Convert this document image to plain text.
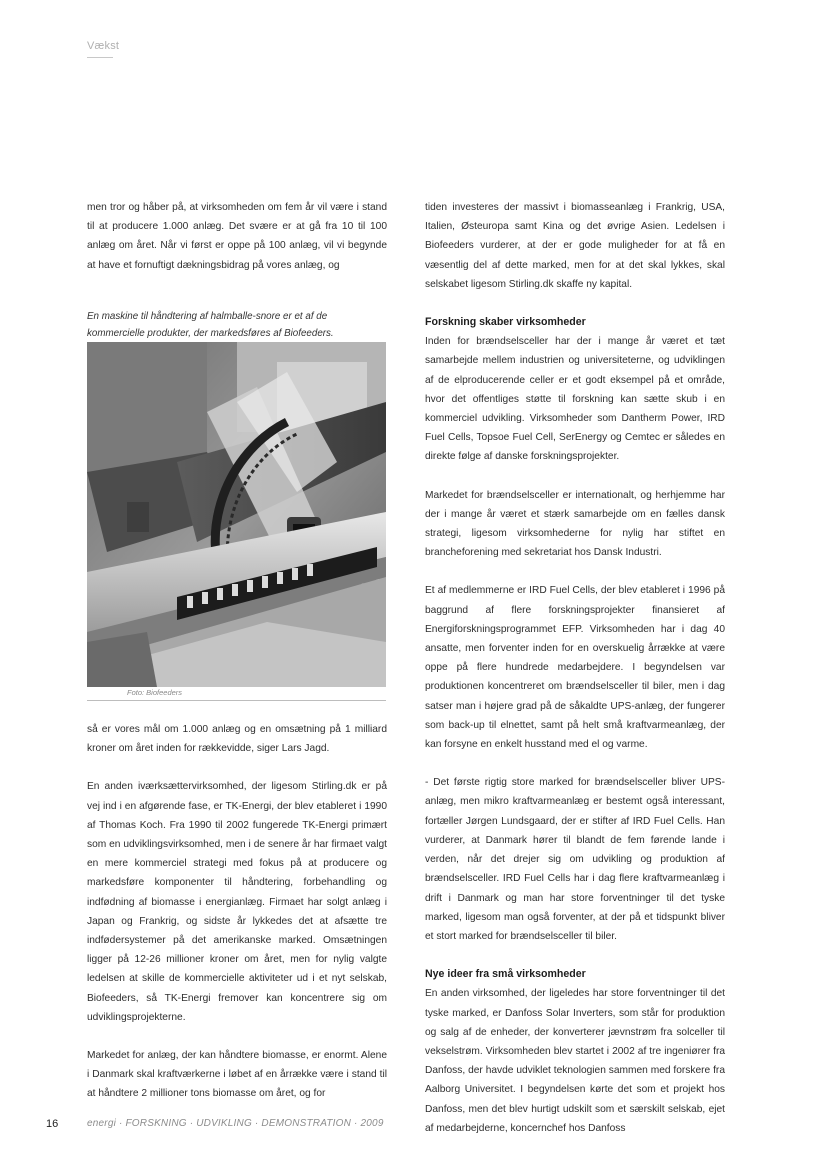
Vækst

men tror og håber på, at virksomheden om fem år vil være i stand til at producere 1.000 anlæg. Det svære er at gå fra 10 til 100 anlæg om året. Når vi først er oppe på 100 anlæg, vil vi begynde at have et fornuftigt dækningsbidrag på vores anlæg, og

En maskine til håndtering af halmballe-snore er et af de kommercielle produkter, der markedsføres af Biofeeders.
Foto: Biofeeders

så er vores mål om 1.000 anlæg og en omsætning på 1 milliard kroner om året inden for rækkevidde, siger Lars Jagd.

En anden iværksættervirksomhed, der ligesom Stirling.dk er på vej ind i en afgørende fase, er TK-Energi, der blev etableret i 1990 af Thomas Koch. Fra 1990 til 2002 fungerede TK-Energi primært som en udviklingsvirksomhed, men i de senere år har firmaet valgt en mere kommerciel strategi med fokus på at producere og markedsføre komponenter til håndtering, forbehandling og indfødning af biomasse i energianlæg. Firmaet har solgt anlæg i Japan og Frankrig, og sidste år lykkedes det at afsætte tre indfødersystemer på det amerikanske marked. Omsætningen ligger på 12-26 millioner kroner om året, men for nylig valgte ledelsen at skille de kommercielle aktiviteter ud i et nyt selskab, Biofeeders, så TK-Energi fremover kan koncentrere sig om udviklingsprojekterne.

Markedet for anlæg, der kan håndtere biomasse, er enormt. Alene i Danmark skal kraftværkerne i løbet af en årrække være i stand til at håndtere 2 millioner tons biomasse om året, og for

tiden investeres der massivt i biomasseanlæg i Frankrig, USA, Italien, Østeuropa samt Kina og det øvrige Asien. Ledelsen i Biofeeders vurderer, at der er gode muligheder for at få en væsentlig del af dette marked, men for at det skal lykkes, skal selskabet ligesom Stirling.dk skaffe ny kapital.

Forskning skaber virksomheder

Inden for brændselsceller har der i mange år været et tæt samarbejde mellem industrien og universiteterne, og udviklingen af de elproducerende celler er et godt eksempel på et område, hvor det offentliges støtte til forskning kan sætte skub i en kommerciel udvikling. Virksomheder som Dantherm Power, IRD Fuel Cells, Topsoe Fuel Cell, SerEnergy og Cemtec er således en direkte følge af danske forskningsprojekter.

Markedet for brændselsceller er internationalt, og herhjemme har der i mange år været et stærk samarbejde om en fælles dansk strategi, ligesom virksomhederne for nylig har stiftet en brancheforening med sekretariat hos Dansk Industri.

Et af medlemmerne er IRD Fuel Cells, der blev etableret i 1996 på baggrund af flere forskningsprojekter finansieret af Energiforskningsprogrammet EFP. Virksomheden har i dag 40 ansatte, men forventer inden for en overskuelig årrække at være oppe på flere hundrede medarbejdere. I begyndelsen var produktionen koncentreret om brændselsceller til biler, men i dag satser man i højere grad på de såkaldte UPS-anlæg, der fungerer som back-up til elnettet, samt på helt små kraftvarmeanlæg, der kan forsyne en enkelt husstand med el og varme.

- Det første rigtig store marked for brændselsceller bliver UPS-anlæg, men mikro kraftvarmeanlæg er bestemt også interessant, fortæller Jørgen Lundsgaard, der er stifter af IRD Fuel Cells. Han vurderer, at Danmark hører til blandt de fem førende lande i verden, når det drejer sig om udvikling og produktion af brændselsceller. IRD Fuel Cells har i dag flere kraftvarmeanlæg i drift i Danmark og man har store forventninger til det tyske marked, ligesom man også forventer, at der på et tidspunkt bliver et stort marked for brændselsceller til biler.

Nye ideer fra små virksomheder

En anden virksomhed, der ligeledes har store forventninger til det tyske marked, er Danfoss Solar Inverters, som står for produktion og salg af de enheder, der konverterer jævnstrøm fra solceller til vekselstrøm. Virksomheden blev startet i 2002 af tre ingeniører fra Danfoss, der havde udviklet teknologien sammen med forskere fra Aalborg Universitet. I begyndelsen kørte det som et projekt hos Danfoss, men det blev hurtigt udskilt som et særskilt selskab, ejet af medarbejderne, koncernchef hos Danfoss

16	energi · FORSKNING · UDVIKLING · DEMONSTRATION · 2009
